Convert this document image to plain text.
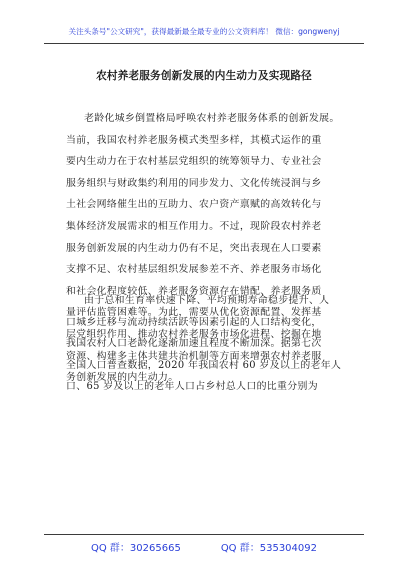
关注头条号"公文研究"，获得最新最全最专业的公文资料库！ 微信：gongwenyj
农村养老服务创新发展的内生动力及实现路径
老龄化城乡倒置格局呼唤农村养老服务体系的创新发展。
当前，我国农村养老服务模式类型多样，其模式运作的重
要内生动力在于农村基层党组织的统筹领导力、专业社会
服务组织与财政集约利用的同步发力、文化传统浸润与乡
土社会网络催生出的互助力、农户资产禀赋的高效转化与
集体经济发展需求的相互作用力。不过，现阶段农村养老
服务创新发展的内生动力仍有不足，突出表现在人口要素
支撑不足、农村基层组织发展参差不齐、养老服务市场化
和社会化程度较低、养老服务资源存在错配、养老服务质
量评估监管困难等。为此，需要从优化资源配置、发挥基
层党组织作用、推动农村养老服务市场化进程、挖掘在地
资源、构建多主体共建共治机制等方面来增强农村养老服
务创新发展的内生动力。
由于总和生育率快速下降、平均预期寿命稳步提升、人
口城乡迁移与流动持续活跃等因素引起的人口结构变化，
我国农村人口老龄化逐渐加速且程度不断加深。据第七次
全国人口普查数据，2020 年我国农村 60 岁及以上的老年人
口、65 岁及以上的老年人口占乡村总人口的比重分别为
QQ 群：30265665	QQ 群：535304092
